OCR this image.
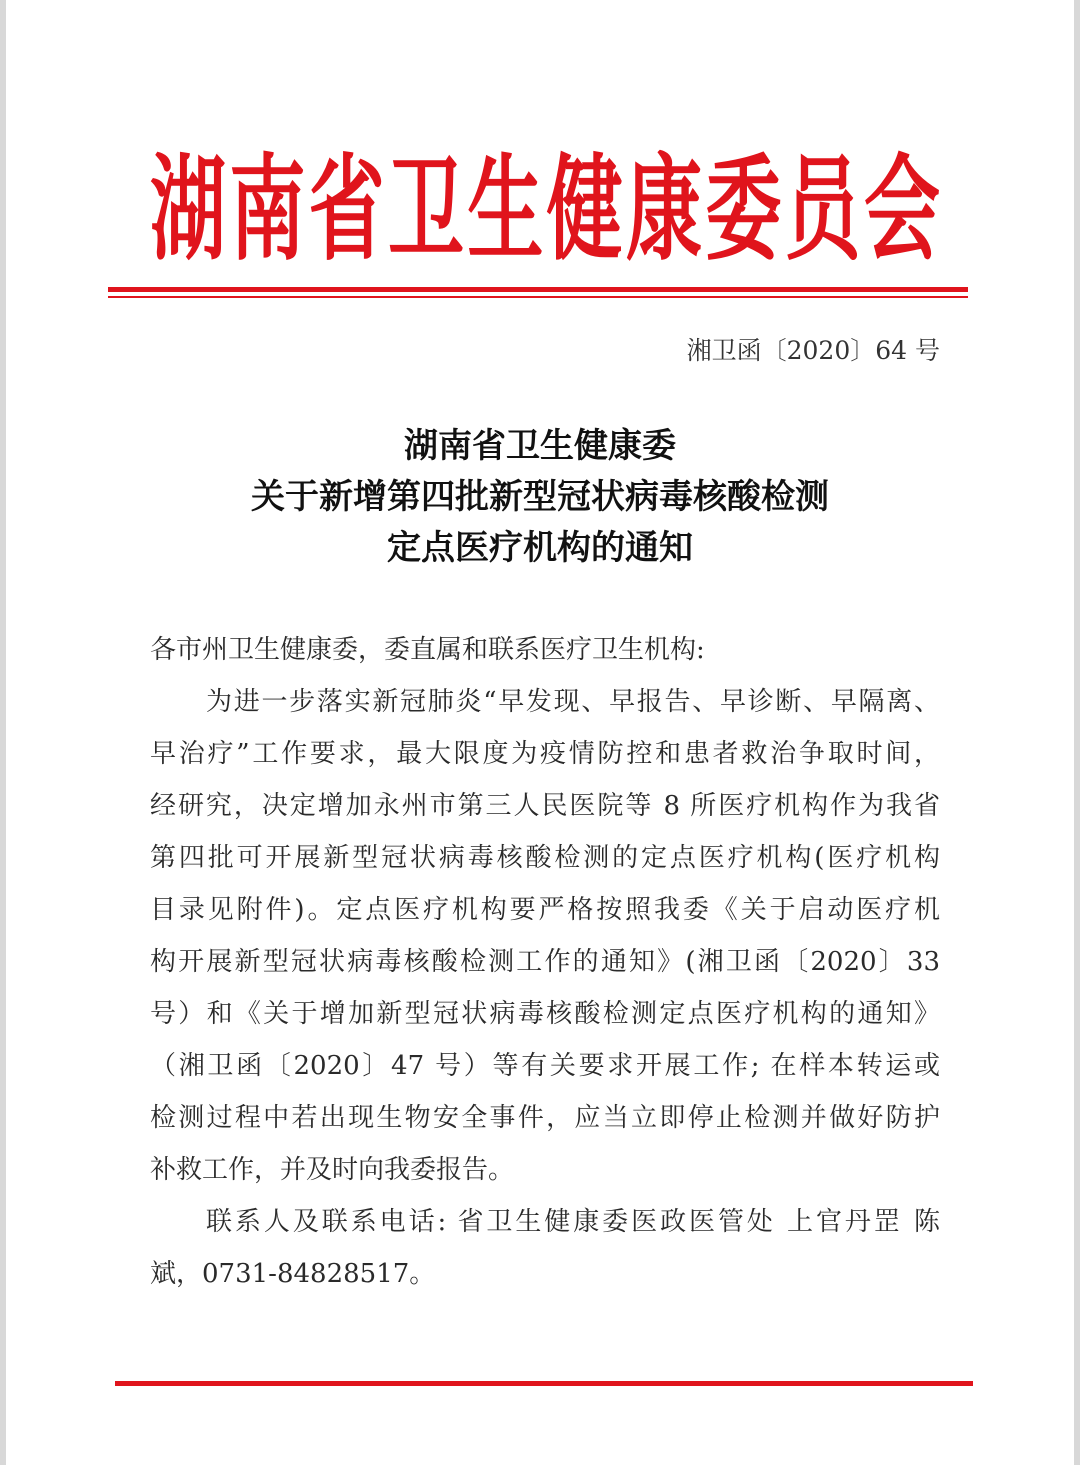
湖南省卫生健康委员会
湘卫函〔2020〕64 号
湖南省卫生健康委
关于新增第四批新型冠状病毒核酸检测
定点医疗机构的通知
各市州卫生健康委，委直属和联系医疗卫生机构:
为进一步落实新冠肺炎“早发现、早报告、早诊断、早隔离、
早治疗”工作要求，最大限度为疫情防控和患者救治争取时间，
经研究，决定增加永州市第三人民医院等 8 所医疗机构作为我省
第四批可开展新型冠状病毒核酸检测的定点医疗机构(医疗机构
目录见附件)。定点医疗机构要严格按照我委《关于启动医疗机
构开展新型冠状病毒核酸检测工作的通知》(湘卫函〔2020〕33
号）和《关于增加新型冠状病毒核酸检测定点医疗机构的通知》
（湘卫函〔2020〕47 号）等有关要求开展工作; 在样本转运或
检测过程中若出现生物安全事件，应当立即停止检测并做好防护
补救工作，并及时向我委报告。
联系人及联系电话: 省卫生健康委医政医管处 上官丹罡 陈
斌，0731-84828517。
